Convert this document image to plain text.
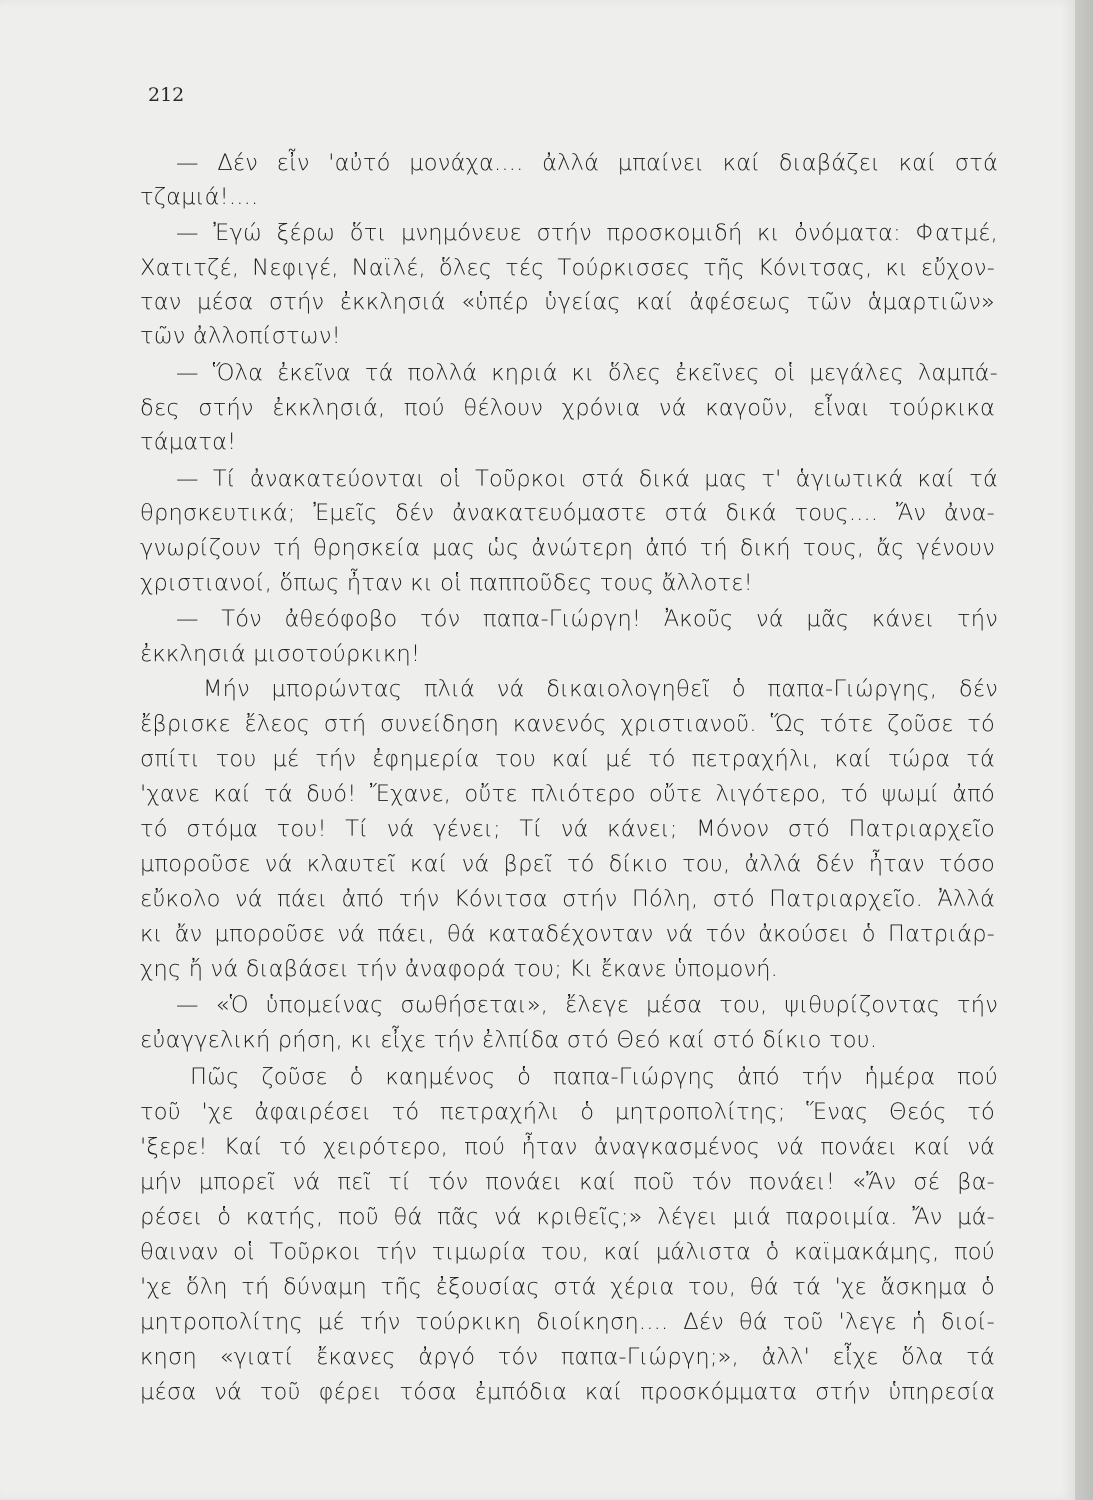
212
— Δέν εἶν 'αὐτό μονάχα.... ἀλλά μπαίνει καί διαβάζει καί στά
τζαμιά!....
— Ἐγώ ξέρω ὅτι μνημόνευε στήν προσκομιδή κι ὀνόματα: Φατμέ,
Χατιτζέ, Νεφιγέ, Ναϊλέ, ὅλες τές Τούρκισσες τῆς Κόνιτσας, κι εὔχον-
ταν μέσα στήν ἐκκλησιά «ὑπέρ ὑγείας καί ἀφέσεως τῶν ἁμαρτιῶν»
τῶν ἀλλοπίστων!
— Ὅλα ἐκεῖνα τά πολλά κηριά κι ὅλες ἐκεῖνες οἱ μεγάλες λαμπά-
δες στήν ἐκκλησιά, πού θέλουν χρόνια νά καγοῦν, εἶναι τούρκικα
τάματα!
— Τί ἀνακατεύονται οἱ Τοῦρκοι στά δικά μας τ' ἁγιωτικά καί τά
θρησκευτικά; Ἐμεῖς δέν ἀνακατευόμαστε στά δικά τους.... Ἄν ἀνα-
γνωρίζουν τή θρησκεία μας ὡς ἀνώτερη ἀπό τή δική τους, ἄς γένουν
χριστιανοί, ὅπως ἦταν κι οἱ παπποῦδες τους ἄλλοτε!
— Τόν ἀθεόφοβο τόν παπα-Γιώργη! Ἀκοῦς νά μᾶς κάνει τήν
ἐκκλησιά μισοτούρκικη!
Μήν μπορώντας πλιά νά δικαιολογηθεῖ ὁ παπα-Γιώργης, δέν
ἔβρισκε ἔλεος στή συνείδηση κανενός χριστιανοῦ. Ὥς τότε ζοῦσε τό
σπίτι του μέ τήν ἐφημερία του καί μέ τό πετραχήλι, καί τώρα τά
'χανε καί τά δυό! Ἔχανε, οὔτε πλιότερο οὔτε λιγότερο, τό ψωμί ἀπό
τό στόμα του! Τί νά γένει; Τί νά κάνει; Μόνον στό Πατριαρχεῖο
μποροῦσε νά κλαυτεῖ καί νά βρεῖ τό δίκιο του, ἀλλά δέν ἦταν τόσο
εὔκολο νά πάει ἀπό τήν Κόνιτσα στήν Πόλη, στό Πατριαρχεῖο. Ἀλλά
κι ἄν μποροῦσε νά πάει, θά καταδέχονταν νά τόν ἀκούσει ὁ Πατριάρ-
χης ἤ νά διαβάσει τήν ἀναφορά του; Κι ἔκανε ὑπομονή.
— «Ὁ ὑπομείνας σωθήσεται», ἔλεγε μέσα του, ψιθυρίζοντας τήν
εὐαγγελική ρήση, κι εἶχε τήν ἐλπίδα στό Θεό καί στό δίκιο του.
Πῶς ζοῦσε ὁ καημένος ὁ παπα-Γιώργης ἀπό τήν ἡμέρα πού
τοῦ 'χε ἀφαιρέσει τό πετραχήλι ὁ μητροπολίτης; Ἕνας Θεός τό
'ξερε! Καί τό χειρότερο, πού ἦταν ἀναγκασμένος νά πονάει καί νά
μήν μπορεῖ νά πεῖ τί τόν πονάει καί ποῦ τόν πονάει! «Ἄν σέ βα-
ρέσει ὁ κατής, ποῦ θά πᾶς νά κριθεῖς;» λέγει μιά παροιμία. Ἄν μά-
θαιναν οἱ Τοῦρκοι τήν τιμωρία του, καί μάλιστα ὁ καϊμακάμης, πού
'χε ὅλη τή δύναμη τῆς ἐξουσίας στά χέρια του, θά τά 'χε ἄσκημα ὁ
μητροπολίτης μέ τήν τούρκικη διοίκηση.... Δέν θά τοῦ 'λεγε ἡ διοί-
κηση «γιατί ἔκανες ἀργό τόν παπα-Γιώργη;», ἀλλ' εἶχε ὅλα τά
μέσα νά τοῦ φέρει τόσα ἐμπόδια καί προσκόμματα στήν ὑπηρεσία
